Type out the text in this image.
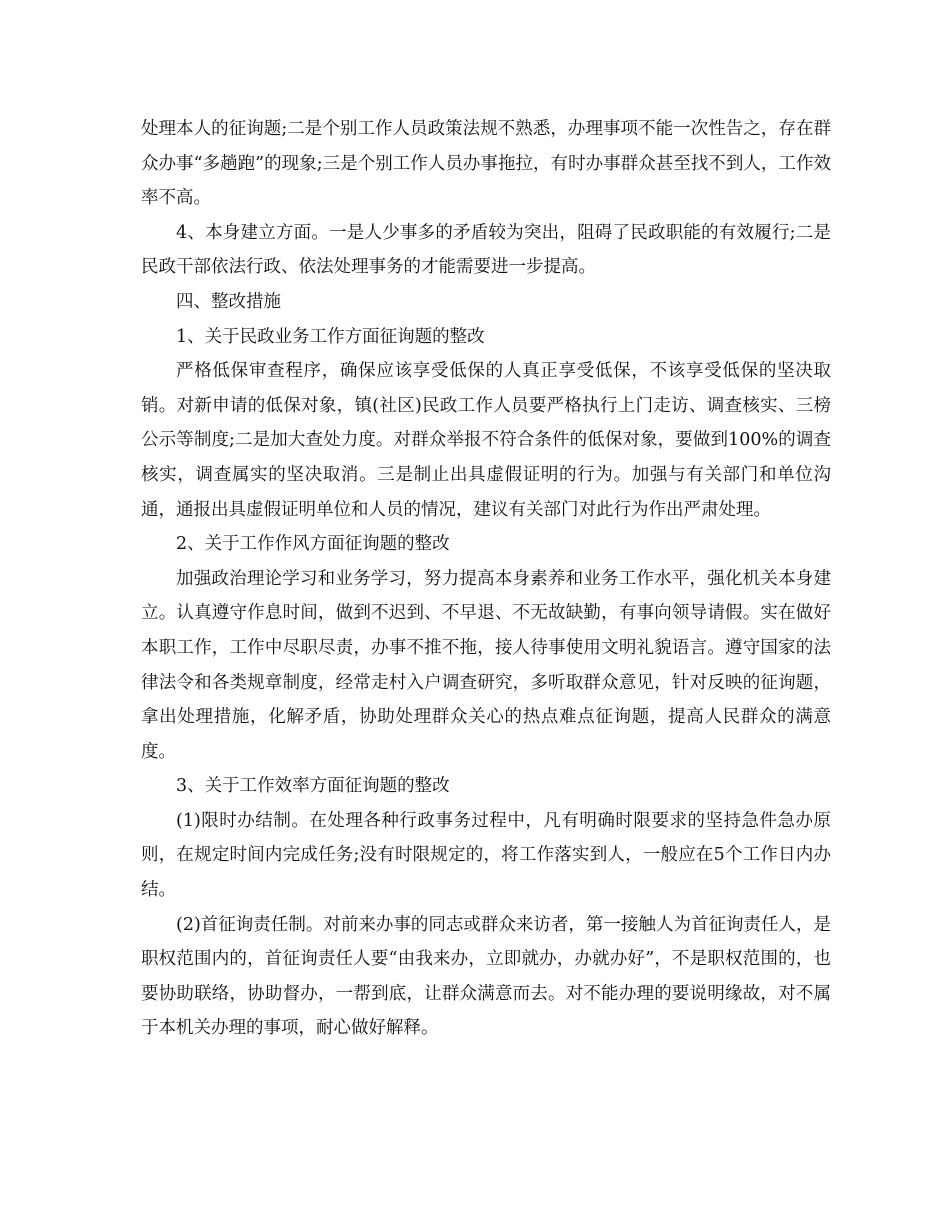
处理本人的征询题;二是个别工作人员政策法规不熟悉，办理事项不能一次性告之，存在群众办事“多趟跑”的现象;三是个别工作人员办事拖拉，有时办事群众甚至找不到人，工作效率不高。

4、本身建立方面。一是人少事多的矛盾较为突出，阻碍了民政职能的有效履行;二是民政干部依法行政、依法处理事务的才能需要进一步提高。

四、整改措施

1、关于民政业务工作方面征询题的整改

严格低保审查程序，确保应该享受低保的人真正享受低保，不该享受低保的坚决取销。对新申请的低保对象，镇(社区)民政工作人员要严格执行上门走访、调查核实、三榜公示等制度;二是加大查处力度。对群众举报不符合条件的低保对象，要做到100%的调查核实，调查属实的坚决取消。三是制止出具虚假证明的行为。加强与有关部门和单位沟通，通报出具虚假证明单位和人员的情况，建议有关部门对此行为作出严肃处理。

2、关于工作作风方面征询题的整改

加强政治理论学习和业务学习，努力提高本身素养和业务工作水平，强化机关本身建立。认真遵守作息时间，做到不迟到、不早退、不无故缺勤，有事向领导请假。实在做好本职工作，工作中尽职尽责，办事不推不拖，接人待事使用文明礼貌语言。遵守国家的法律法令和各类规章制度，经常走村入户调查研究，多听取群众意见，针对反映的征询题，拿出处理措施，化解矛盾，协助处理群众关心的热点难点征询题，提高人民群众的满意度。

3、关于工作效率方面征询题的整改

(1)限时办结制。在处理各种行政事务过程中，凡有明确时限要求的坚持急件急办原则，在规定时间内完成任务;没有时限规定的，将工作落实到人，一般应在5个工作日内办结。

(2)首征询责任制。对前来办事的同志或群众来访者，第一接触人为首征询责任人，是职权范围内的，首征询责任人要“由我来办，立即就办，办就办好”，不是职权范围的，也要协助联络，协助督办，一帮到底，让群众满意而去。对不能办理的要说明缘故，对不属于本机关办理的事项，耐心做好解释。
